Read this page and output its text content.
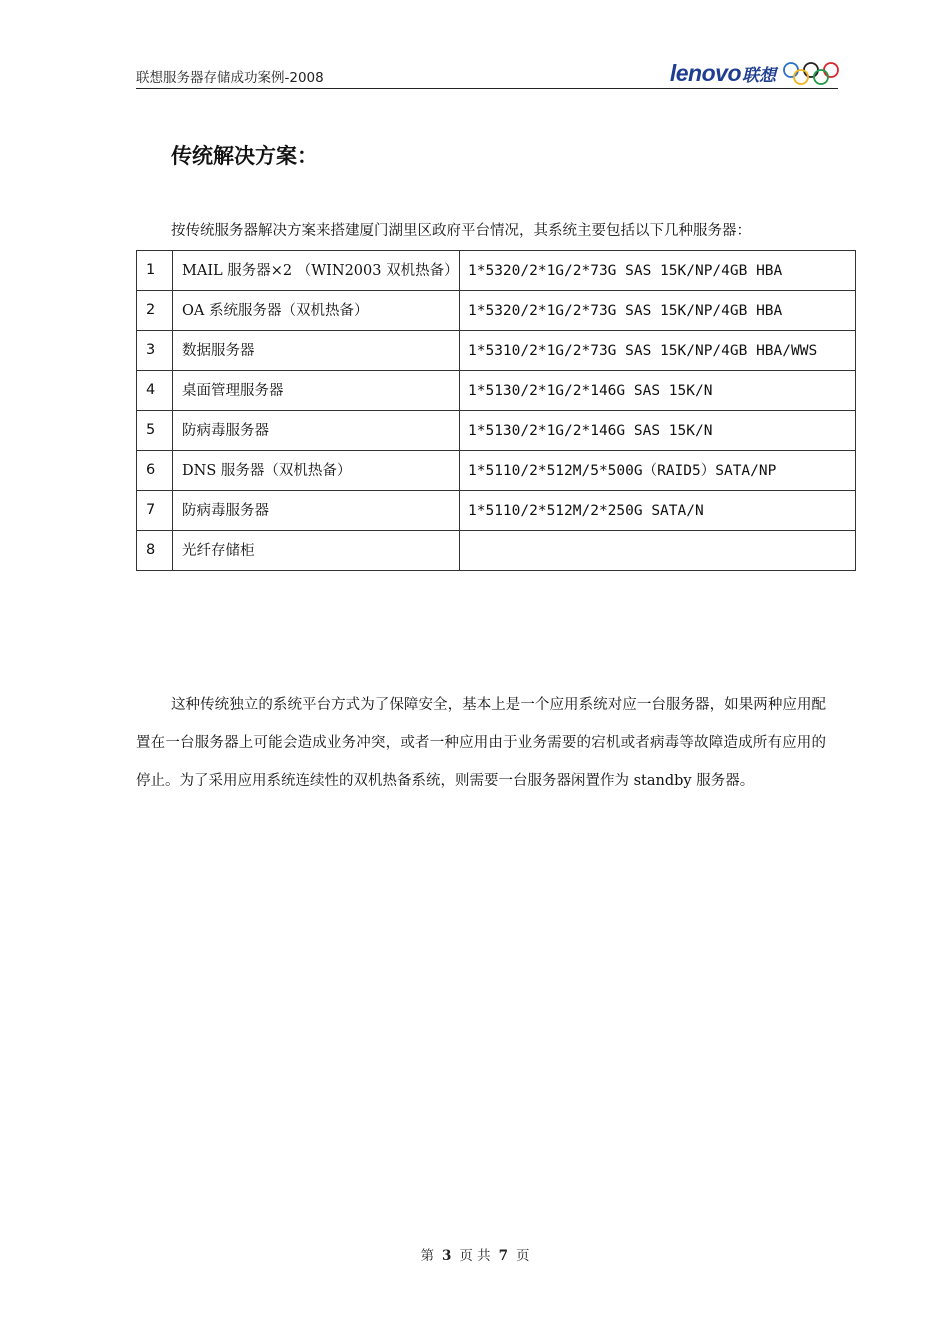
联想服务器存储成功案例-2008	lenovo联想
传统解决方案：
按传统服务器解决方案来搭建厦门湖里区政府平台情况，其系统主要包括以下几种服务器：
1	MAIL 服务器×2 （WIN2003 双机热备）	1*5320/2*1G/2*73G SAS 15K/NP/4GB HBA
2	OA 系统服务器（双机热备）	1*5320/2*1G/2*73G SAS 15K/NP/4GB HBA
3	数据服务器	1*5310/2*1G/2*73G SAS 15K/NP/4GB HBA/WWS
4	桌面管理服务器	1*5130/2*1G/2*146G SAS 15K/N
5	防病毒服务器	1*5130/2*1G/2*146G SAS 15K/N
6	DNS 服务器（双机热备）	1*5110/2*512M/5*500G（RAID5）SATA/NP
7	防病毒服务器	1*5110/2*512M/2*250G SATA/N
8	光纤存储柜	
这种传统独立的系统平台方式为了保障安全，基本上是一个应用系统对应一台服务器，如果两种应用配置在一台服务器上可能会造成业务冲突，或者一种应用由于业务需要的宕机或者病毒等故障造成所有应用的停止。为了采用应用系统连续性的双机热备系统，则需要一台服务器闲置作为 standby 服务器。
第 3 页 共 7 页
